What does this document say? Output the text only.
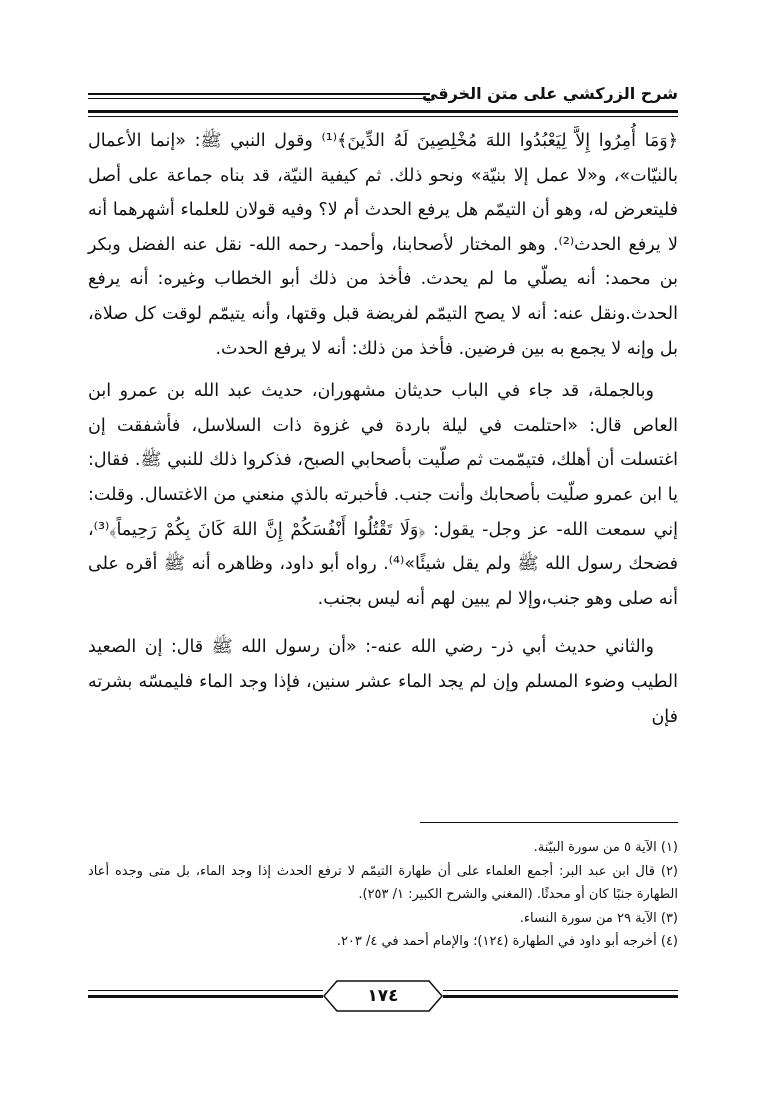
شرح الزركشي على متن الخرقي

﴿وَمَا أُمِرُوا إِلاَّ لِيَعْبُدُوا اللهَ مُخْلِصِينَ لَهُ الدِّينَ﴾⁽¹⁾ وقول النبي ﷺ: «إنما الأعمال بالنيّات»، و«لا عمل إلا بنيّة» ونحو ذلك. ثم كيفية النيّة، قد بناه جماعة على أصل فليتعرض له، وهو أن التيمّم هل يرفع الحدث أم لا؟ وفيه قولان للعلماء أشهرهما أنه لا يرفع الحدث⁽²⁾. وهو المختار لأصحابنا، وأحمد- رحمه الله- نقل عنه الفضل وبكر بن محمد: أنه يصلّي ما لم يحدث. فأخذ من ذلك أبو الخطاب وغيره: أنه يرفع الحدث.ونقل عنه: أنه لا يصح التيمّم لفريضة قبل وقتها، وأنه يتيمّم لوقت كل صلاة، بل وإنه لا يجمع به بين فرضين. فأخذ من ذلك: أنه لا يرفع الحدث.

وبالجملة، قد جاء في الباب حديثان مشهوران، حديث عبد الله بن عمرو ابن العاص قال: «احتلمت في ليلة باردة في غزوة ذات السلاسل، فأشفقت إن اغتسلت أن أهلك، فتيمّمت ثم صلّيت بأصحابي الصبح، فذكروا ذلك للنبي ﷺ. فقال: يا ابن عمرو صلّيت بأصحابك وأنت جنب. فأخبرته بالذي منعني من الاغتسال. وقلت: إني سمعت الله- عز وجل- يقول: ﴿وَلَا تَقْتُلُوا أَنْفُسَكُمْ إِنَّ اللهَ كَانَ بِكُمْ رَحِيماً﴾⁽³⁾، فضحك رسول الله ﷺ ولم يقل شيئًا»⁽⁴⁾. رواه أبو داود، وظاهره أنه ﷺ أقره على أنه صلى وهو جنب،وإلا لم يبين لهم أنه ليس بجنب.

والثاني حديث أبي ذر- رضي الله عنه-: «أن رسول الله ﷺ قال: إن الصعيد الطيب وضوء المسلم وإن لم يجد الماء عشر سنين، فإذا وجد الماء فليمسّه بشرته فإن

(١) الآية ٥ من سورة البيّنة.

(٢) قال ابن عبد البر: أجمع العلماء على أن طهارة التيمّم لا ترفع الحدث إذا وجد الماء، بل متى وجده أعاد الطهارة جنبًا كان أو محدثًا. (المغني والشرح الكبير: ١/ ٢٥٣).

(٣) الآية ٢٩ من سورة النساء.

(٤) أخرجه أبو داود في الطهارة (١٢٤)؛ والإمام أحمد في ٤/ ٢٠٣.

١٧٤
